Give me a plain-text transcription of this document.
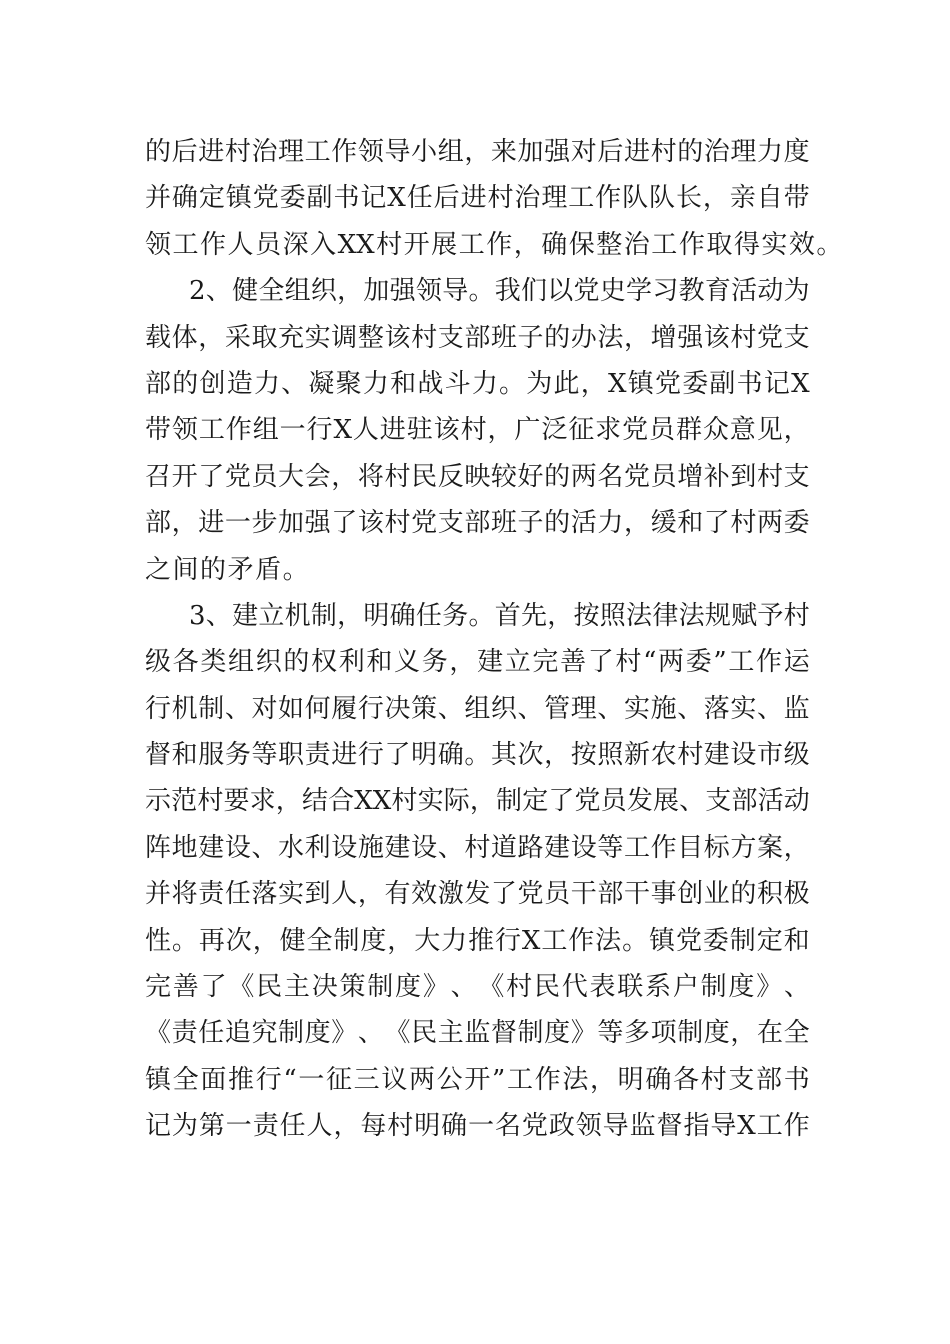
的 后 进 村 治 理 工 作 领 导 小 组 ， 来 加 强 对 后 进 村 的 治 理 力 度
并 确 定 镇 党 委 副 书 记 X 任 后 进 村 治 理 工 作 队 队 长 ， 亲 自 带
领 工 作 人 员 深 入 XX 村 开 展 工 作 ， 确 保 整 治 工 作 取 得 实 效 。
2 、 健 全 组 织 ， 加 强 领 导 。 我 们 以 党 史 学 习 教 育 活 动 为
载 体 ， 采 取 充 实 调 整 该 村 支 部 班 子 的 办 法 ， 增 强 该 村 党 支
部 的 创 造 力 、 凝 聚 力 和 战 斗 力 。 为 此 ， X 镇 党 委 副 书 记 X
带 领 工 作 组 一 行 X 人 进 驻 该 村 ， 广 泛 征 求 党 员 群 众 意 见 ，
召 开 了 党 员 大 会 ， 将 村 民 反 映 较 好 的 两 名 党 员 增 补 到 村 支
部 ， 进 一 步 加 强 了 该 村 党 支 部 班 子 的 活 力 ， 缓 和 了 村 两 委
之 间 的 矛 盾 。
3 、 建 立 机 制 ， 明 确 任 务 。 首 先 ， 按 照 法 律 法 规 赋 予 村
级 各 类 组 织 的 权 利 和 义 务 ， 建 立 完 善 了 村 “ 两 委 ” 工 作 运
行 机 制 、 对 如 何 履 行 决 策 、 组 织 、 管 理 、 实 施 、 落 实 、 监
督 和 服 务 等 职 责 进 行 了 明 确 。 其 次 ， 按 照 新 农 村 建 设 市 级
示 范 村 要 求 ， 结 合 XX 村 实 际 ， 制 定 了 党 员 发 展 、 支 部 活 动
阵 地 建 设 、 水 利 设 施 建 设 、 村 道 路 建 设 等 工 作 目 标 方 案 ，
并 将 责 任 落 实 到 人 ， 有 效 激 发 了 党 员 干 部 干 事 创 业 的 积 极
性 。 再 次 ， 健 全 制 度 ， 大 力 推 行 X 工 作 法 。 镇 党 委 制 定 和
完 善 了 《 民 主 决 策 制 度 》 、 《 村 民 代 表 联 系 户 制 度 》 、
《 责 任 追 究 制 度 》 、 《 民 主 监 督 制 度 》 等 多 项 制 度 ， 在 全
镇 全 面 推 行 “ 一 征 三 议 两 公 开 ” 工 作 法 ， 明 确 各 村 支 部 书
记 为 第 一 责 任 人 ， 每 村 明 确 一 名 党 政 领 导 监 督 指 导 X 工 作
